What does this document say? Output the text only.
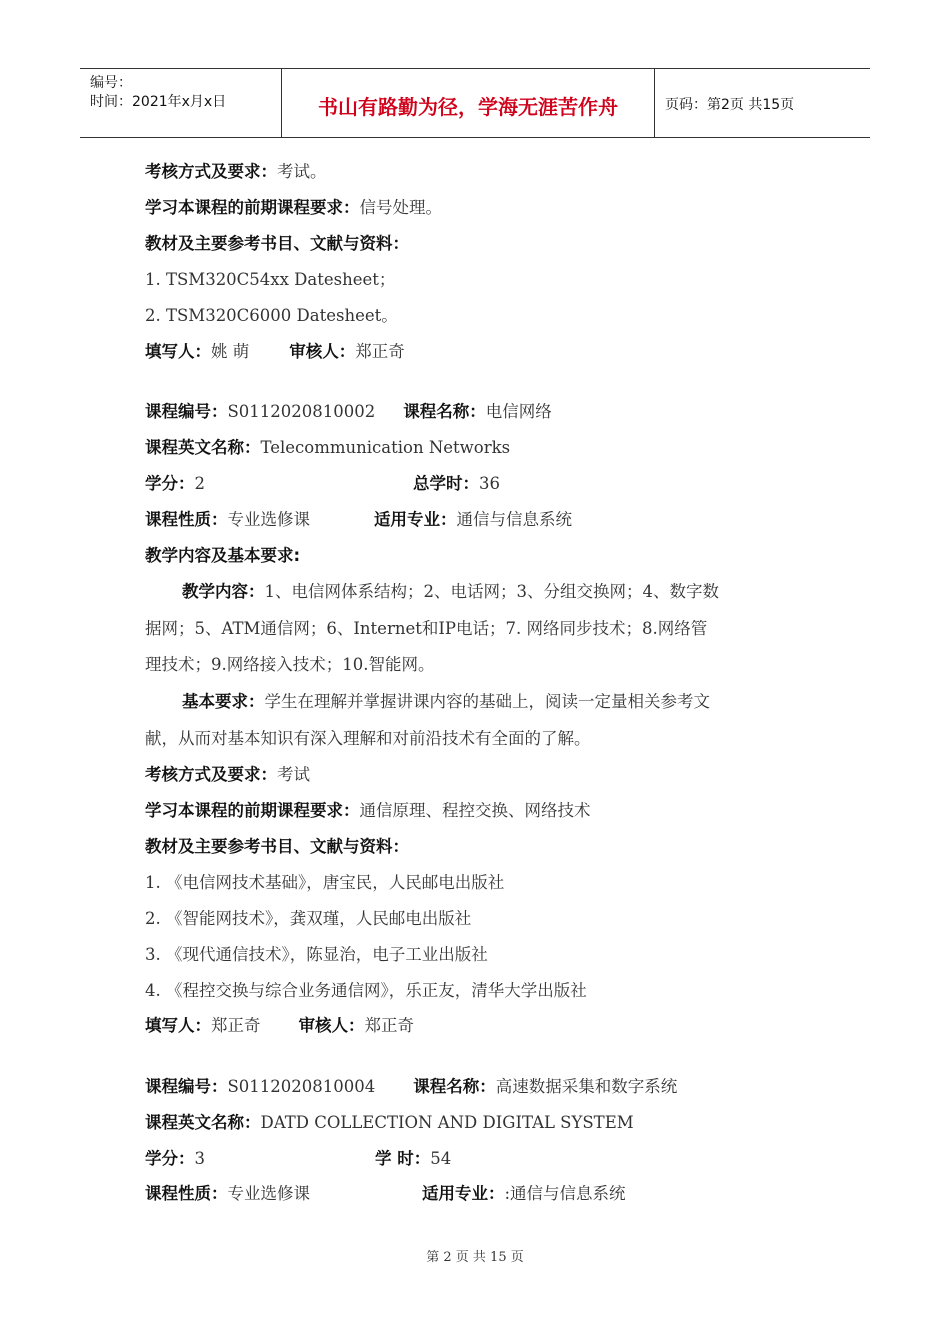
编号：
时间：2021年x月x日	书山有路勤为径，学海无涯苦作舟	页码：第2页 共15页
考核方式及要求：考试。
学习本课程的前期课程要求：信号处理。
教材及主要参考书目、文献与资料：
1. TSM320C54xx Datesheet；
2. TSM320C6000 Datesheet。
填写人：姚 萌 审核人：郑正奇
课程编号：S0112020810002 课程名称：电信网络
课程英文名称：Telecommunication Networks
学分：2	总学时：36
课程性质：专业选修课	适用专业：通信与信息系统
教学内容及基本要求:
教学内容：1、电信网体系结构；2、电话网；3、分组交换网；4、数字数
据网；5、ATM通信网；6、Internet和IP电话；7. 网络同步技术；8.网络管
理技术；9.网络接入技术；10.智能网。
基本要求：学生在理解并掌握讲课内容的基础上，阅读一定量相关参考文
献，从而对基本知识有深入理解和对前沿技术有全面的了解。
考核方式及要求：考试
学习本课程的前期课程要求：通信原理、程控交换、网络技术
教材及主要参考书目、文献与资料：
1. 《电信网技术基础》，唐宝民，人民邮电出版社
2. 《智能网技术》，龚双瑾，人民邮电出版社
3. 《现代通信技术》，陈显治，电子工业出版社
4. 《程控交换与综合业务通信网》，乐正友，清华大学出版社
填写人：郑正奇 审核人：郑正奇
课程编号：S0112020810004 课程名称：高速数据采集和数字系统
课程英文名称：DATD COLLECTION AND DIGITAL SYSTEM
学分：3	学 时：54
课程性质：专业选修课	适用专业：:通信与信息系统
第 2 页 共 15 页
